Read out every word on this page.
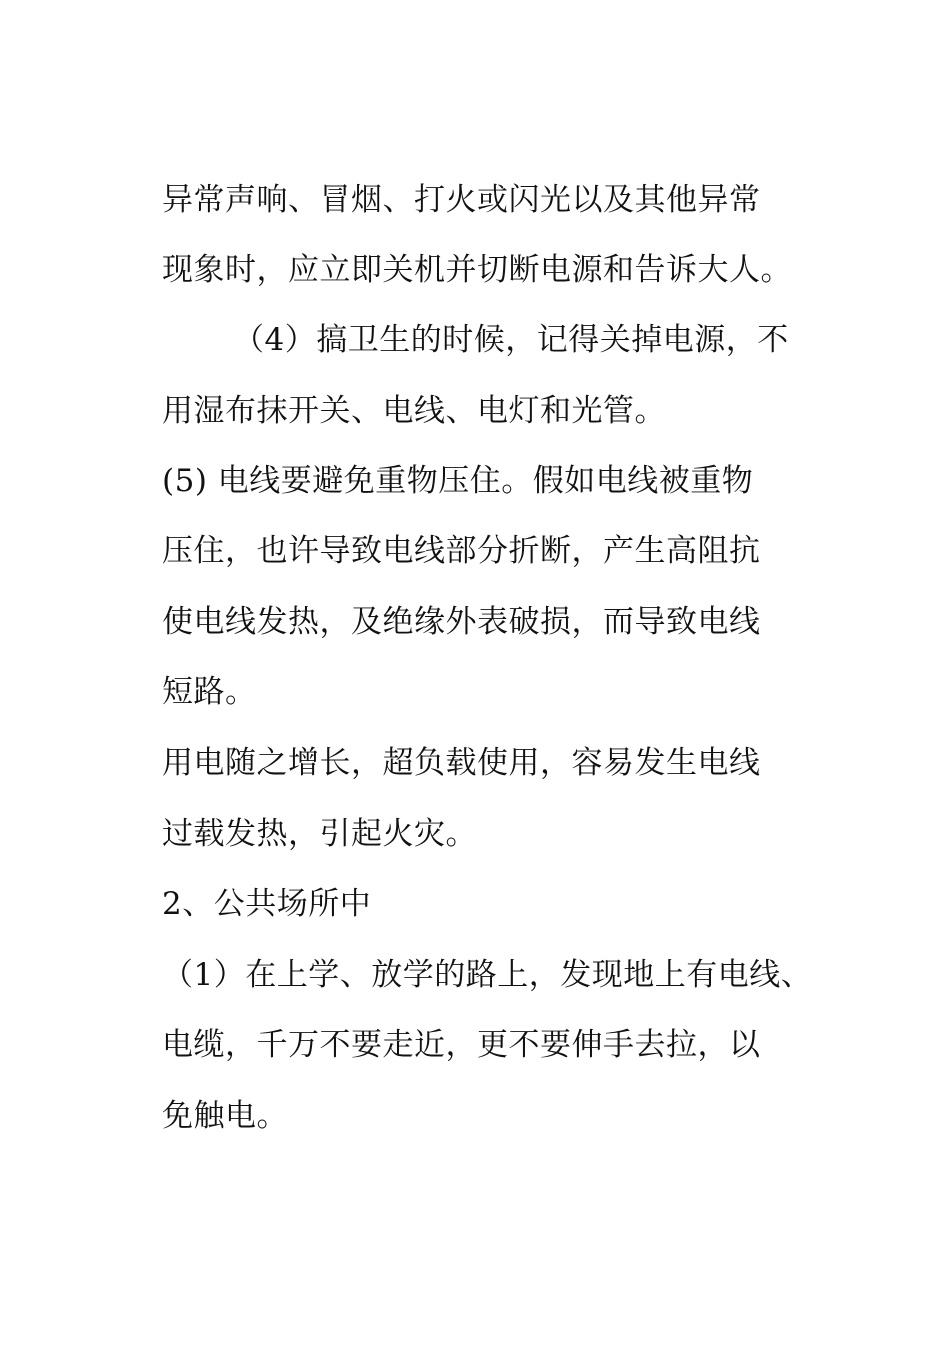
异常声响、冒烟、打火或闪光以及其他异常
现象时，应立即关机并切断电源和告诉大人。
（4）搞卫生的时候，记得关掉电源，不
用湿布抹开关、电线、电灯和光管。
(5) 电线要避免重物压住。假如电线被重物
压住，也许导致电线部分折断，产生高阻抗
使电线发热，及绝缘外表破损，而导致电线
短路。
用电随之增长，超负载使用，容易发生电线
过载发热，引起火灾。
2、公共场所中
（1）在上学、放学的路上，发现地上有电线、
电缆，千万不要走近，更不要伸手去拉，以
免触电。
